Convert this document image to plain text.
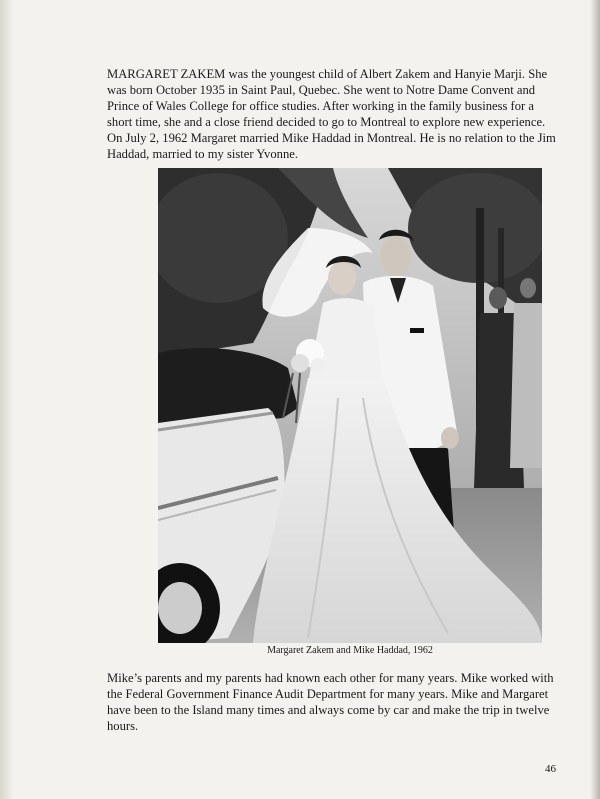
MARGARET ZAKEM was the youngest child of Albert Zakem and Hanyie Marji. She
was born October 1935 in Saint Paul, Quebec. She went to Notre Dame Convent and
Prince of Wales College for office studies. After working in the family business for a
short time, she and a close friend decided to go to Montreal to explore new experience.
On July 2, 1962 Margaret married Mike Haddad in Montreal. He is no relation to the Jim
Haddad, married to my sister Yvonne.

Margaret Zakem and Mike Haddad, 1962

Mike’s parents and my parents had known each other for many years. Mike worked with
the Federal Government Finance Audit Department for many years. Mike and Margaret
have been to the Island many times and always come by car and make the trip in twelve
hours.

46
